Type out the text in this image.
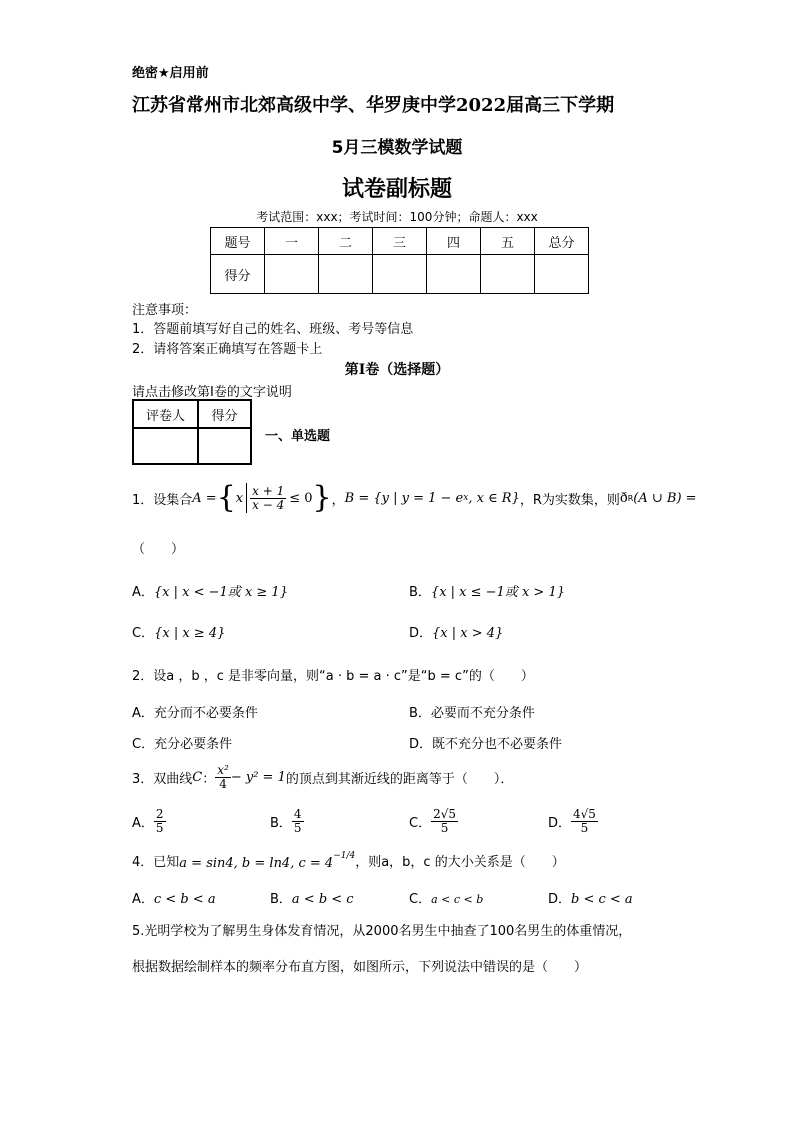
绝密★启用前
江苏省常州市北郊高级中学、华罗庚中学2022届高三下学期
5月三模数学试题
试卷副标题
考试范围：xxx；考试时间：100分钟；命题人：xxx
题号	一	二	三	四	五	总分
得分						
注意事项：
1．答题前填写好自己的姓名、班级、考号等信息
2．请将答案正确填写在答题卡上
第I卷（选择题）
请点击修改第I卷的文字说明
评卷人	得分

一、单选题
1．设集合 A = { x $\frac{x + 1}{x - 4} \le 0$ } ， B = {y | y = 1 − e x , x ∈ R} ，R为实数集，则 ð R (A ∪ B) =
（　　）
A．{x | x < −1或 x ≥ 1}	B．{x | x ≤ −1或 x > 1}
C．{x | x ≥ 4}	D．{x | x > 4}
2．设a ，b ，c 是非零向量，则“a · b = a · c”是“b = c”的（　　）
A．充分而不必要条件	B．必要而不充分条件
C．充分必要条件	D．既不充分也不必要条件
3．双曲线 C ： $\frac{\text{x²}}{4} - y^2 = 1$ 的顶点到其渐近线的距离等于（　　）．
A． $\frac{2}{5}$	B． $\frac{4}{5}$	C． $\frac{2√5}{5}$	D． $\frac{4√5}{5}$
4．已知 a = sin4, b = ln4, $c = 4^{-1/4}$ ，则a，b，c 的大小关系是（　　）
A．c < b < a	B．a < b < c	C．a < c < b	D．b < c < a
5.光明学校为了解男生身体发育情况，从2000名男生中抽查了100名男生的体重情况，
根据数据绘制样本的频率分布直方图，如图所示，下列说法中错误的是（　　）
